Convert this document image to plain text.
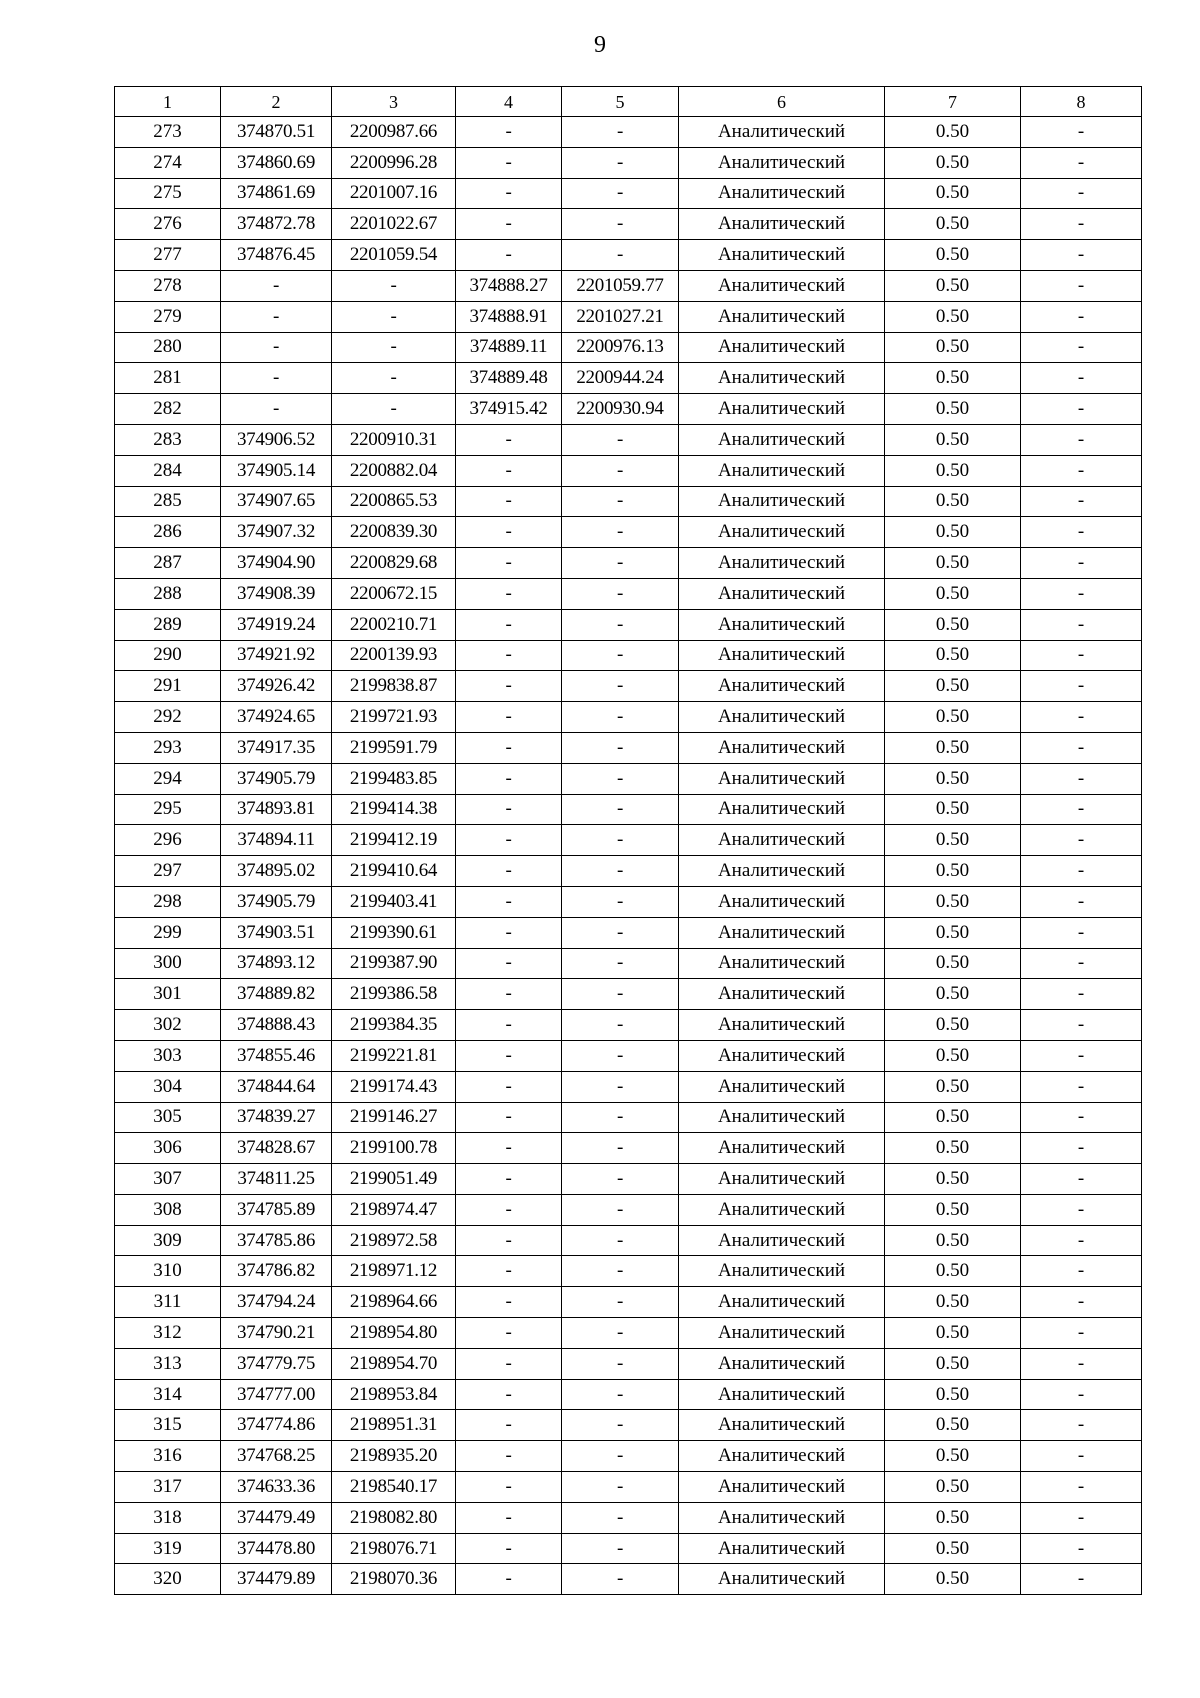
9
1	2	3	4	5	6	7	8
273	374870.51	2200987.66	-	-	Аналитический	0.50	-
274	374860.69	2200996.28	-	-	Аналитический	0.50	-
275	374861.69	2201007.16	-	-	Аналитический	0.50	-
276	374872.78	2201022.67	-	-	Аналитический	0.50	-
277	374876.45	2201059.54	-	-	Аналитический	0.50	-
278	-	-	374888.27	2201059.77	Аналитический	0.50	-
279	-	-	374888.91	2201027.21	Аналитический	0.50	-
280	-	-	374889.11	2200976.13	Аналитический	0.50	-
281	-	-	374889.48	2200944.24	Аналитический	0.50	-
282	-	-	374915.42	2200930.94	Аналитический	0.50	-
283	374906.52	2200910.31	-	-	Аналитический	0.50	-
284	374905.14	2200882.04	-	-	Аналитический	0.50	-
285	374907.65	2200865.53	-	-	Аналитический	0.50	-
286	374907.32	2200839.30	-	-	Аналитический	0.50	-
287	374904.90	2200829.68	-	-	Аналитический	0.50	-
288	374908.39	2200672.15	-	-	Аналитический	0.50	-
289	374919.24	2200210.71	-	-	Аналитический	0.50	-
290	374921.92	2200139.93	-	-	Аналитический	0.50	-
291	374926.42	2199838.87	-	-	Аналитический	0.50	-
292	374924.65	2199721.93	-	-	Аналитический	0.50	-
293	374917.35	2199591.79	-	-	Аналитический	0.50	-
294	374905.79	2199483.85	-	-	Аналитический	0.50	-
295	374893.81	2199414.38	-	-	Аналитический	0.50	-
296	374894.11	2199412.19	-	-	Аналитический	0.50	-
297	374895.02	2199410.64	-	-	Аналитический	0.50	-
298	374905.79	2199403.41	-	-	Аналитический	0.50	-
299	374903.51	2199390.61	-	-	Аналитический	0.50	-
300	374893.12	2199387.90	-	-	Аналитический	0.50	-
301	374889.82	2199386.58	-	-	Аналитический	0.50	-
302	374888.43	2199384.35	-	-	Аналитический	0.50	-
303	374855.46	2199221.81	-	-	Аналитический	0.50	-
304	374844.64	2199174.43	-	-	Аналитический	0.50	-
305	374839.27	2199146.27	-	-	Аналитический	0.50	-
306	374828.67	2199100.78	-	-	Аналитический	0.50	-
307	374811.25	2199051.49	-	-	Аналитический	0.50	-
308	374785.89	2198974.47	-	-	Аналитический	0.50	-
309	374785.86	2198972.58	-	-	Аналитический	0.50	-
310	374786.82	2198971.12	-	-	Аналитический	0.50	-
311	374794.24	2198964.66	-	-	Аналитический	0.50	-
312	374790.21	2198954.80	-	-	Аналитический	0.50	-
313	374779.75	2198954.70	-	-	Аналитический	0.50	-
314	374777.00	2198953.84	-	-	Аналитический	0.50	-
315	374774.86	2198951.31	-	-	Аналитический	0.50	-
316	374768.25	2198935.20	-	-	Аналитический	0.50	-
317	374633.36	2198540.17	-	-	Аналитический	0.50	-
318	374479.49	2198082.80	-	-	Аналитический	0.50	-
319	374478.80	2198076.71	-	-	Аналитический	0.50	-
320	374479.89	2198070.36	-	-	Аналитический	0.50	-
